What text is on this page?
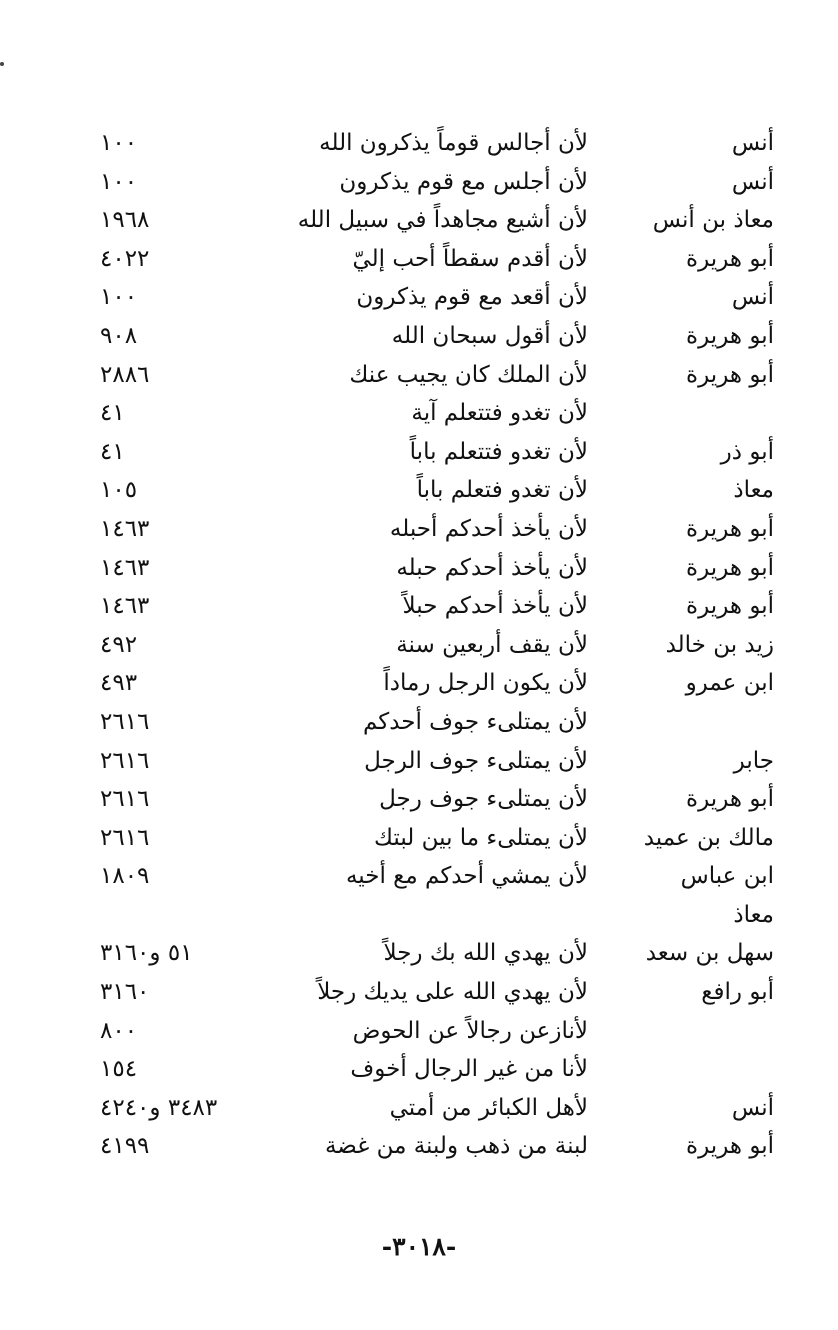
أنس
لأن أجالس قوماً يذكرون الله
١٠٠
أنس
لأن أجلس مع قوم يذكرون
١٠٠
معاذ بن أنس
لأن أشيع مجاهداً في سبيل الله
١٩٦٨
أبو هريرة
لأن أقدم سقطاً أحب إليّ
٤٠٢٢
أنس
لأن أقعد مع قوم يذكرون
١٠٠
أبو هريرة
لأن أقول سبحان الله
٩٠٨
أبو هريرة
لأن الملك كان يجيب عنك
٢٨٨٦
لأن تغدو فتتعلم آية
٤١
أبو ذر
لأن تغدو فتتعلم باباً
٤١
معاذ
لأن تغدو فتعلم باباً
١٠٥
أبو هريرة
لأن يأخذ أحدكم أحبله
١٤٦٣
أبو هريرة
لأن يأخذ أحدكم حبله
١٤٦٣
أبو هريرة
لأن يأخذ أحدكم حبلاً
١٤٦٣
زيد بن خالد
لأن يقف أربعين سنة
٤٩٢
ابن عمرو
لأن يكون الرجل رماداً
٤٩٣
لأن يمتلىء جوف أحدكم
٢٦١٦
جابر
لأن يمتلىء جوف الرجل
٢٦١٦
أبو هريرة
لأن يمتلىء جوف رجل
٢٦١٦
مالك بن عميد
لأن يمتلىء ما بين لبتك
٢٦١٦
ابن عباس
لأن يمشي أحدكم مع أخيه
١٨٠٩
معاذ
سهل بن سعد
لأن يهدي الله بك رجلاً
٥١ و٣١٦٠
أبو رافع
لأن يهدي الله على يديك رجلاً
٣١٦٠
لأنازعن رجالاً عن الحوض
٨٠٠
لأنا من غير الرجال أخوف
١٥٤
أنس
لأهل الكبائر من أمتي
٣٤٨٣ و٤٢٤٠
أبو هريرة
لبنة من ذهب ولبنة من غضة
٤١٩٩
-٣٠١٨-
